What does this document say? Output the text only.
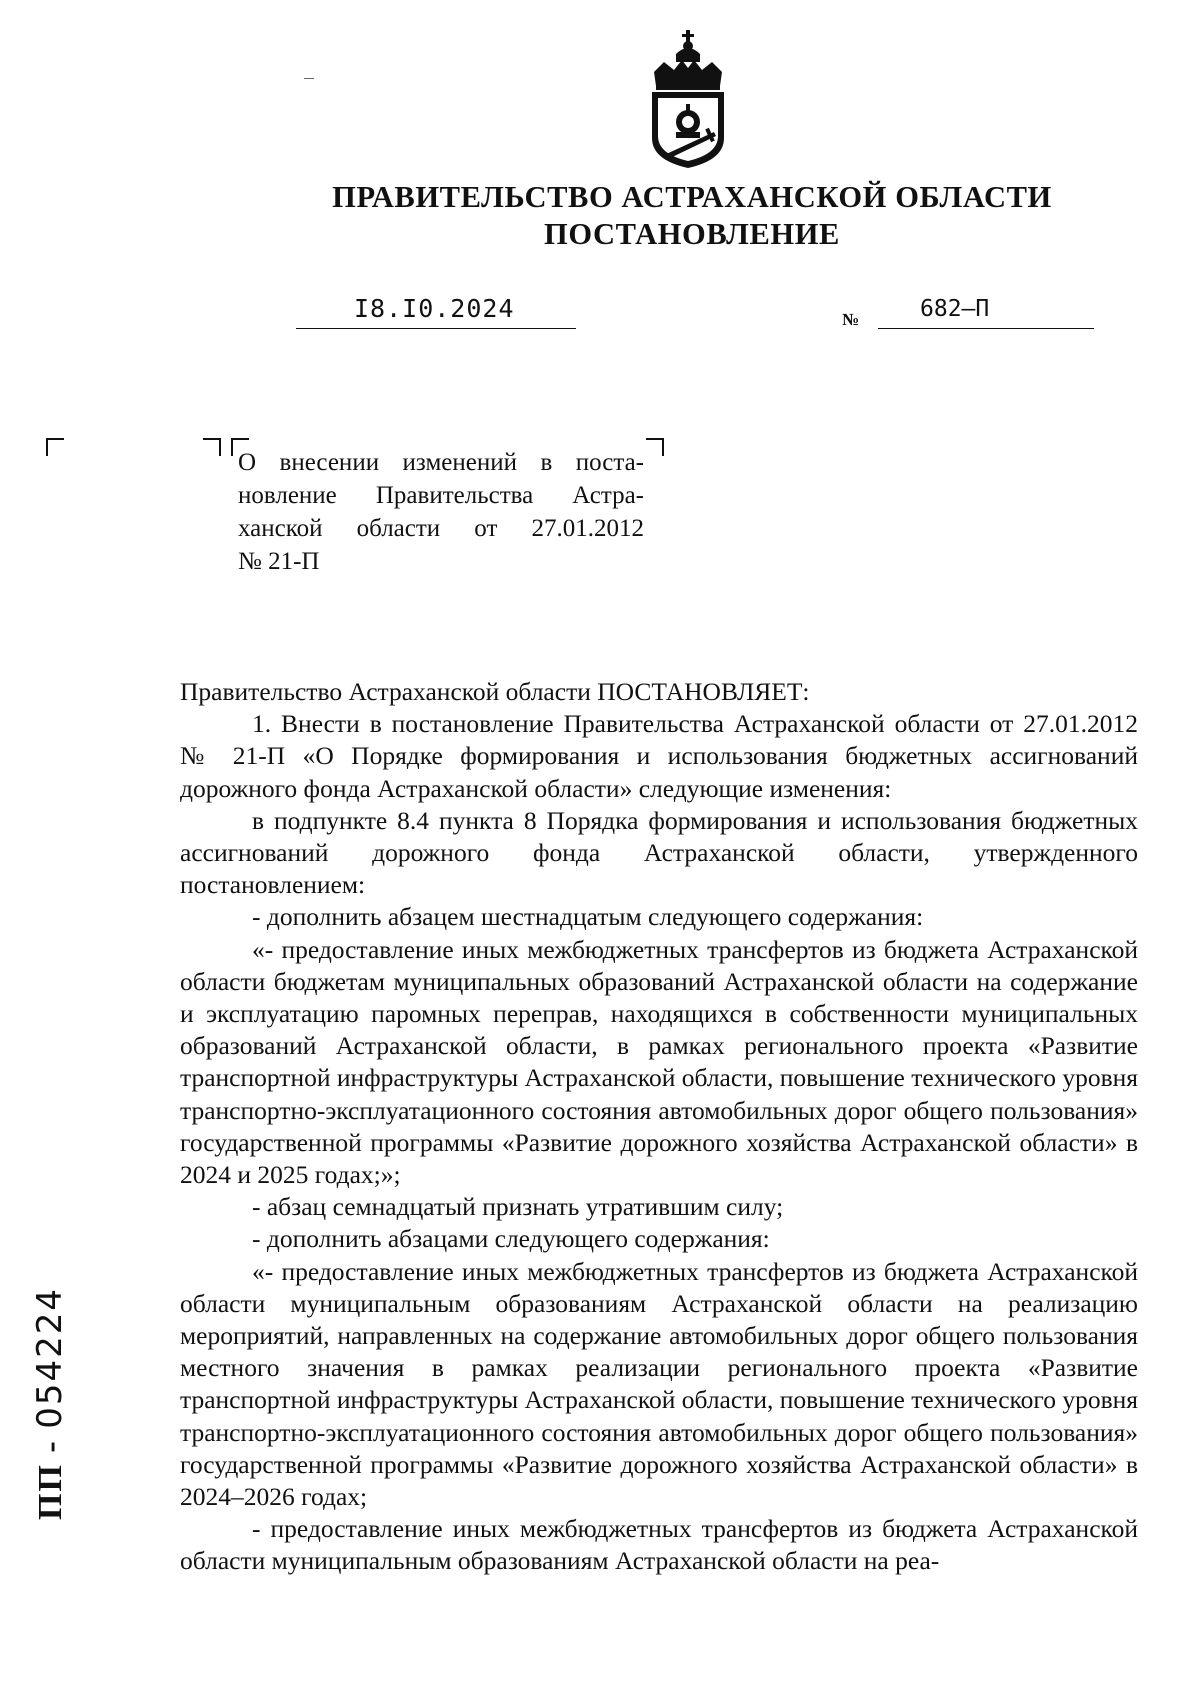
ПРАВИТЕЛЬСТВО АСТРАХАНСКОЙ ОБЛАСТИ
ПОСТАНОВЛЕНИЕ
I8.I0.2024	№	682–П
О внесении изменений в поста-
новление Правительства Астра-
ханской области от 27.01.2012
№ 21-П
Правительство Астраханской области ПОСТАНОВЛЯЕТ:
1. Внести в постановление Правительства Астраханской области от 27.01.2012 № 21-П «О Порядке формирования и использования бюджетных ассигнований дорожного фонда Астраханской области» следующие изменения:
в подпункте 8.4 пункта 8 Порядка формирования и использования бюджетных ассигнований дорожного фонда Астраханской области, утвержденного постановлением:
- дополнить абзацем шестнадцатым следующего содержания:
«- предоставление иных межбюджетных трансфертов из бюджета Астраханской области бюджетам муниципальных образований Астраханской области на содержание и эксплуатацию паромных переправ, находящихся в собственности муниципальных образований Астраханской области, в рамках регионального проекта «Развитие транспортной инфраструктуры Астраханской области, повышение технического уровня транспортно-эксплуатационного состояния автомобильных дорог общего пользования» государственной программы «Развитие дорожного хозяйства Астраханской области» в 2024 и 2025 годах;»;
- абзац семнадцатый признать утратившим силу;
- дополнить абзацами следующего содержания:
«- предоставление иных межбюджетных трансфертов из бюджета Астраханской области муниципальным образованиям Астраханской области на реализацию мероприятий, направленных на содержание автомобильных дорог общего пользования местного значения в рамках реализации регионального проекта «Развитие транспортной инфраструктуры Астраханской области, повышение технического уровня транспортно-эксплуатационного состояния автомобильных дорог общего пользования» государственной программы «Развитие дорожного хозяйства Астраханской области» в 2024–2026 годах;
- предоставление иных межбюджетных трансфертов из бюджета Астраханской области муниципальным образованиям Астраханской области на реа-
ПП - 054224
